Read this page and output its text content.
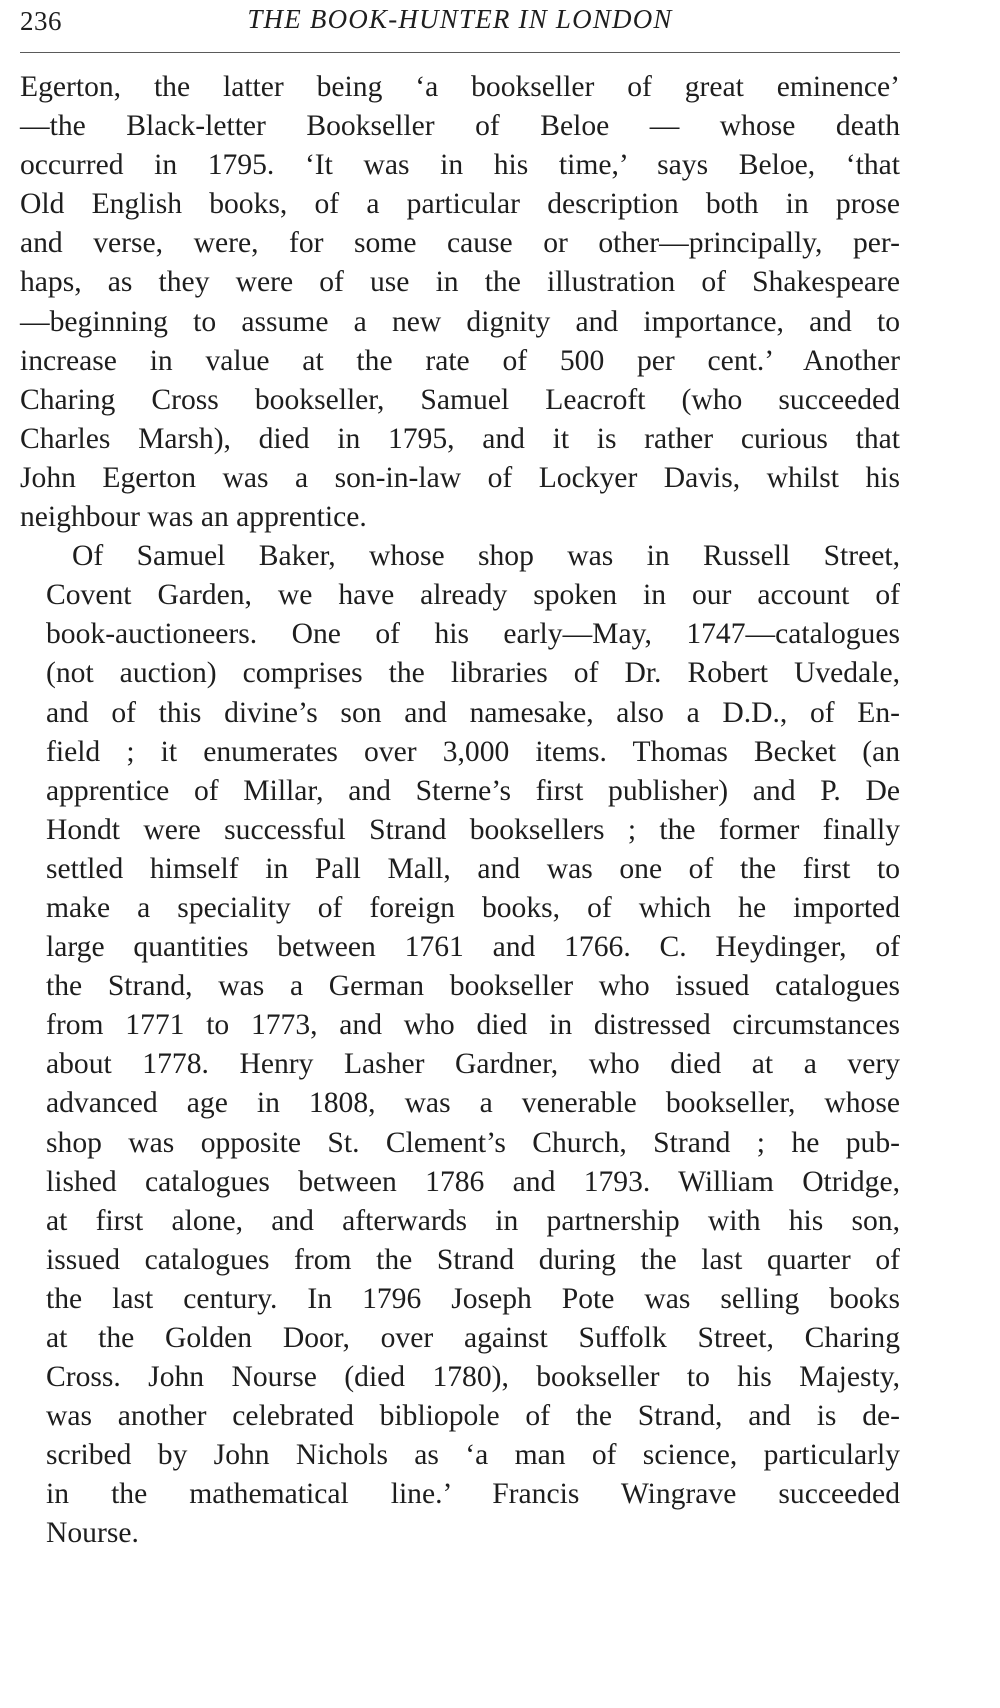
236	THE BOOK-HUNTER IN LONDON

Egerton, the latter being ‘a bookseller of great eminence’
—the Black-letter Bookseller of Beloe — whose death
occurred in 1795. ‘It was in his time,’ says Beloe, ‘that
Old English books, of a particular description both in prose
and verse, were, for some cause or other—principally, per-
haps, as they were of use in the illustration of Shakespeare
—beginning to assume a new dignity and importance, and to
increase in value at the rate of 500 per cent.’ Another
Charing Cross bookseller, Samuel Leacroft (who succeeded
Charles Marsh), died in 1795, and it is rather curious that
John Egerton was a son-in-law of Lockyer Davis, whilst his
neighbour was an apprentice.

Of Samuel Baker, whose shop was in Russell Street,
Covent Garden, we have already spoken in our account of
book-auctioneers. One of his early—May, 1747—catalogues
(not auction) comprises the libraries of Dr. Robert Uvedale,
and of this divine’s son and namesake, also a D.D., of En-
field ; it enumerates over 3,000 items. Thomas Becket (an
apprentice of Millar, and Sterne’s first publisher) and P. De
Hondt were successful Strand booksellers ; the former finally
settled himself in Pall Mall, and was one of the first to
make a speciality of foreign books, of which he imported
large quantities between 1761 and 1766. C. Heydinger, of
the Strand, was a German bookseller who issued catalogues
from 1771 to 1773, and who died in distressed circumstances
about 1778. Henry Lasher Gardner, who died at a very
advanced age in 1808, was a venerable bookseller, whose
shop was opposite St. Clement’s Church, Strand ; he pub-
lished catalogues between 1786 and 1793. William Otridge,
at first alone, and afterwards in partnership with his son,
issued catalogues from the Strand during the last quarter of
the last century. In 1796 Joseph Pote was selling books
at the Golden Door, over against Suffolk Street, Charing
Cross. John Nourse (died 1780), bookseller to his Majesty,
was another celebrated bibliopole of the Strand, and is de-
scribed by John Nichols as ‘a man of science, particularly
in the mathematical line.’ Francis Wingrave succeeded
Nourse.
